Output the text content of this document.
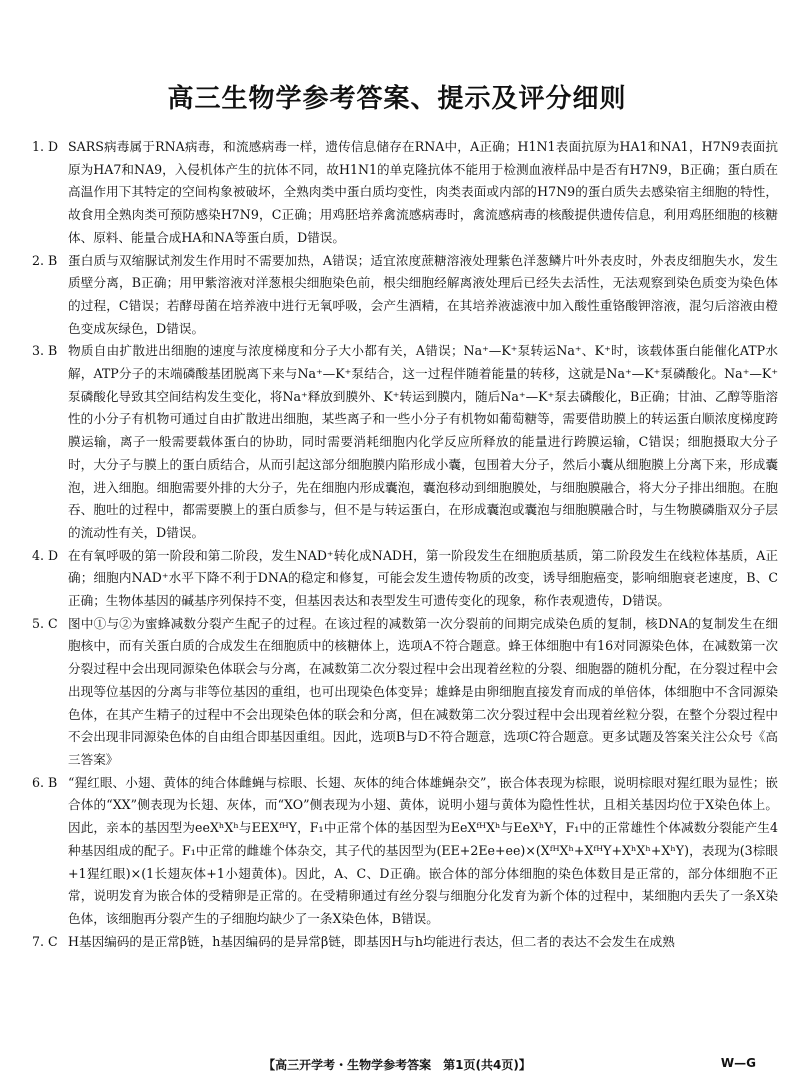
高三生物学参考答案、提示及评分细则
1. D SARS病毒属于RNA病毒，和流感病毒一样，遗传信息储存在RNA中，A正确；H1N1表面抗原为HA1和NA1，H7N9表面抗原为HA7和NA9，入侵机体产生的抗体不同，故H1N1的单克隆抗体不能用于检测血液样品中是否有H7N9，B正确；蛋白质在高温作用下其特定的空间构象被破坏，全熟肉类中蛋白质均变性，肉类表面或内部的H7N9的蛋白质失去感染宿主细胞的特性，故食用全熟肉类可预防感染H7N9，C正确；用鸡胚培养禽流感病毒时，禽流感病毒的核酸提供遗传信息，利用鸡胚细胞的核糖体、原料、能量合成HA和NA等蛋白质，D错误。
2. B 蛋白质与双缩脲试剂发生作用时不需要加热，A错误；适宜浓度蔗糖溶液处理紫色洋葱鳞片叶外表皮时，外表皮细胞失水，发生质壁分离，B正确；用甲紫溶液对洋葱根尖细胞染色前，根尖细胞经解离液处理后已经失去活性，无法观察到染色质变为染色体的过程，C错误；若酵母菌在培养液中进行无氧呼吸，会产生酒精，在其培养液滤液中加入酸性重铬酸钾溶液，混匀后溶液由橙色变成灰绿色，D错误。
3. B 物质自由扩散进出细胞的速度与浓度梯度和分子大小都有关，A错误；Na⁺—K⁺泵转运Na⁺、K⁺时，该载体蛋白能催化ATP水解，ATP分子的末端磷酸基团脱离下来与Na⁺—K⁺泵结合，这一过程伴随着能量的转移，这就是Na⁺—K⁺泵磷酸化。Na⁺—K⁺泵磷酸化导致其空间结构发生变化，将Na⁺释放到膜外、K⁺转运到膜内，随后Na⁺—K⁺泵去磷酸化，B正确；甘油、乙醇等脂溶性的小分子有机物可通过自由扩散进出细胞，某些离子和一些小分子有机物如葡萄糖等，需要借助膜上的转运蛋白顺浓度梯度跨膜运输，离子一般需要载体蛋白的协助，同时需要消耗细胞内化学反应所释放的能量进行跨膜运输，C错误；细胞摄取大分子时，大分子与膜上的蛋白质结合，从而引起这部分细胞膜内陷形成小囊，包围着大分子，然后小囊从细胞膜上分离下来，形成囊泡，进入细胞。细胞需要外排的大分子，先在细胞内形成囊泡，囊泡移动到细胞膜处，与细胞膜融合，将大分子排出细胞。在胞吞、胞吐的过程中，都需要膜上的蛋白质参与，但不是与转运蛋白，在形成囊泡或囊泡与细胞膜融合时，与生物膜磷脂双分子层的流动性有关，D错误。
4. D 在有氧呼吸的第一阶段和第二阶段，发生NAD⁺转化成NADH，第一阶段发生在细胞质基质，第二阶段发生在线粒体基质，A正确；细胞内NAD⁺水平下降不利于DNA的稳定和修复，可能会发生遗传物质的改变，诱导细胞癌变，影响细胞衰老速度，B、C正确；生物体基因的碱基序列保持不变，但基因表达和表型发生可遗传变化的现象，称作表观遗传，D错误。
5. C 图中①与②为蜜蜂减数分裂产生配子的过程。在该过程的减数第一次分裂前的间期完成染色质的复制，核DNA的复制发生在细胞核中，而有关蛋白质的合成发生在细胞质中的核糖体上，选项A不符合题意。蜂王体细胞中有16对同源染色体，在减数第一次分裂过程中会出现同源染色体联会与分离，在减数第二次分裂过程中会出现着丝粒的分裂、细胞器的随机分配，在分裂过程中会出现等位基因的分离与非等位基因的重组，也可出现染色体变异；雄蜂是由卵细胞直接发育而成的单倍体，体细胞中不含同源染色体，在其产生精子的过程中不会出现染色体的联会和分离，但在减数第二次分裂过程中会出现着丝粒分裂，在整个分裂过程中不会出现非同源染色体的自由组合即基因重组。因此，选项B与D不符合题意，选项C符合题意。更多试题及答案关注公众号《高三答案》
6. B “猩红眼、小翅、黄体的纯合体雌蝇与棕眼、长翅、灰体的纯合体雄蝇杂交”，嵌合体表现为棕眼，说明棕眼对猩红眼为显性；嵌合体的“XX”侧表现为长翅、灰体，而“XO”侧表现为小翅、黄体，说明小翅与黄体为隐性性状，且相关基因均位于X染色体上。因此，亲本的基因型为eeXʰXʰ与EEXᶠᴴY，F₁中正常个体的基因型为EeXᶠᴴXʰ与EeXʰY，F₁中的正常雄性个体减数分裂能产生4种基因组成的配子。F₁中正常的雌雄个体杂交，其子代的基因型为(EE+2Ee+ee)×(XᶠᴴXʰ+XᶠᴴY+XʰXʰ+XʰY)，表现为(3棕眼+1猩红眼)×(1长翅灰体+1小翅黄体)。因此，A、C、D正确。嵌合体的部分体细胞的染色体数目是正常的，部分体细胞不正常，说明发育为嵌合体的受精卵是正常的。在受精卵通过有丝分裂与细胞分化发育为新个体的过程中，某细胞内丢失了一条X染色体，该细胞再分裂产生的子细胞均缺少了一条X染色体，B错误。
7. C H基因编码的是正常β链，h基因编码的是异常β链，即基因H与h均能进行表达，但二者的表达不会发生在成熟
【高三开学考・生物学参考答案　第1页(共4页)】	W—G
